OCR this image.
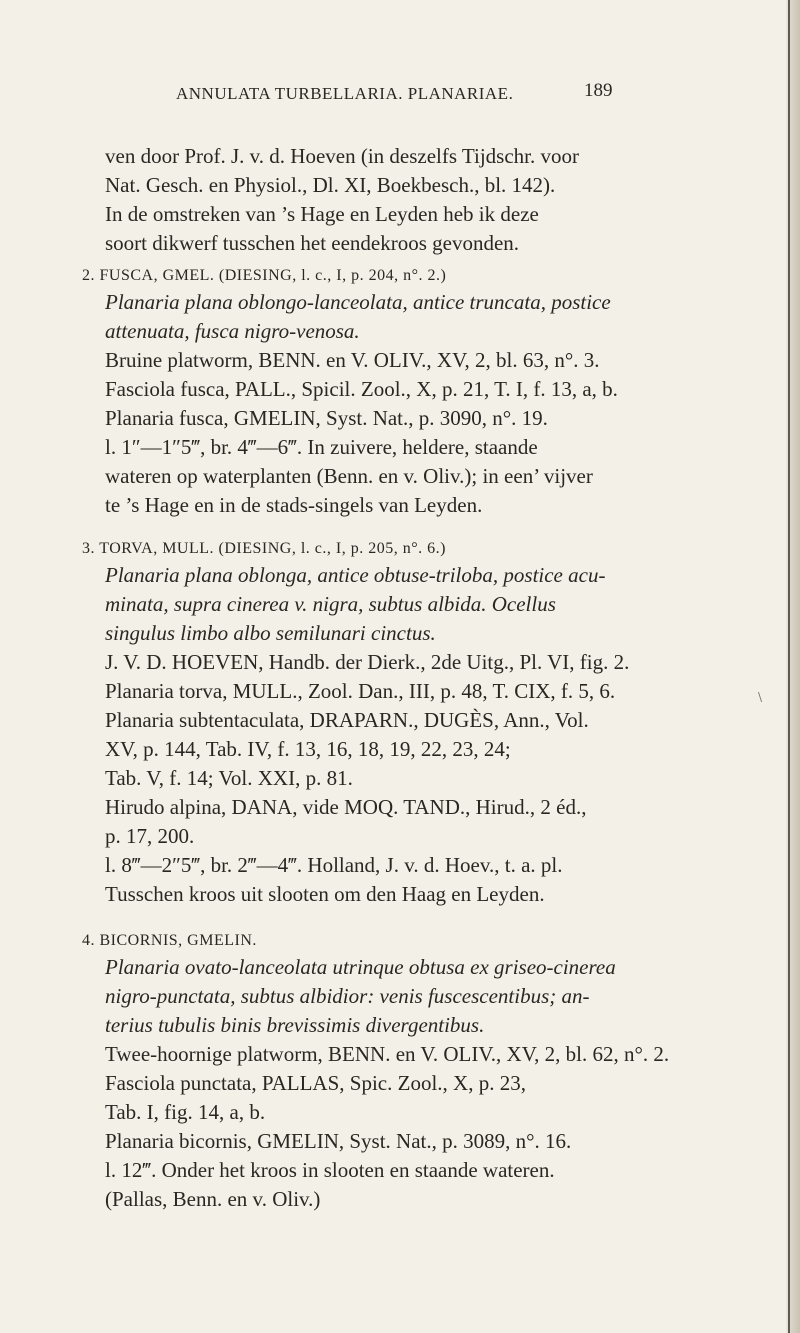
ANNULATA TURBELLARIA. PLANARIAE.	189
ven door Prof. J. v. d. Hoeven (in deszelfs Tijdschr. voor
Nat. Gesch. en Physiol., Dl. XI, Boekbesch., bl. 142).
In de omstreken van ’s Hage en Leyden heb ik deze
soort dikwerf tusschen het eendekroos gevonden.
2. FUSCA, GMEL. (DIESING, l. c., I, p. 204, n°. 2.)
Planaria plana oblongo-lanceolata, antice truncata, postice
attenuata, fusca nigro-venosa.
Bruine platworm, BENN. en V. OLIV., XV, 2, bl. 63, n°. 3.
Fasciola fusca, PALL., Spicil. Zool., X, p. 21, T. I, f. 13, a, b.
Planaria fusca, GMELIN, Syst. Nat., p. 3090, n°. 19.
l. 1″—1″5‴, br. 4‴—6‴. In zuivere, heldere, staande
wateren op waterplanten (Benn. en v. Oliv.); in een’ vijver
te ’s Hage en in de stads-singels van Leyden.
3. TORVA, MULL. (DIESING, l. c., I, p. 205, n°. 6.)
Planaria plana oblonga, antice obtuse-triloba, postice acu-
minata, supra cinerea v. nigra, subtus albida. Ocellus
singulus limbo albo semilunari cinctus.
J. V. D. HOEVEN, Handb. der Dierk., 2de Uitg., Pl. VI, fig. 2.
Planaria torva, MULL., Zool. Dan., III, p. 48, T. CIX, f. 5, 6.
Planaria subtentaculata, DRAPARN., DUGÈS, Ann., Vol.
XV, p. 144, Tab. IV, f. 13, 16, 18, 19, 22, 23, 24;
Tab. V, f. 14; Vol. XXI, p. 81.
Hirudo alpina, DANA, vide MOQ. TAND., Hirud., 2 éd.,
p. 17, 200.
l. 8‴—2″5‴, br. 2‴—4‴. Holland, J. v. d. Hoev., t. a. pl.
Tusschen kroos uit slooten om den Haag en Leyden.
\
4. BICORNIS, GMELIN.
Planaria ovato-lanceolata utrinque obtusa ex griseo-cinerea
nigro-punctata, subtus albidior: venis fuscescentibus; an-
terius tubulis binis brevissimis divergentibus.
Twee-hoornige platworm, BENN. en V. OLIV., XV, 2, bl. 62, n°. 2.
Fasciola punctata, PALLAS, Spic. Zool., X, p. 23,
Tab. I, fig. 14, a, b.
Planaria bicornis, GMELIN, Syst. Nat., p. 3089, n°. 16.
l. 12‴. Onder het kroos in slooten en staande wateren.
(Pallas, Benn. en v. Oliv.)
